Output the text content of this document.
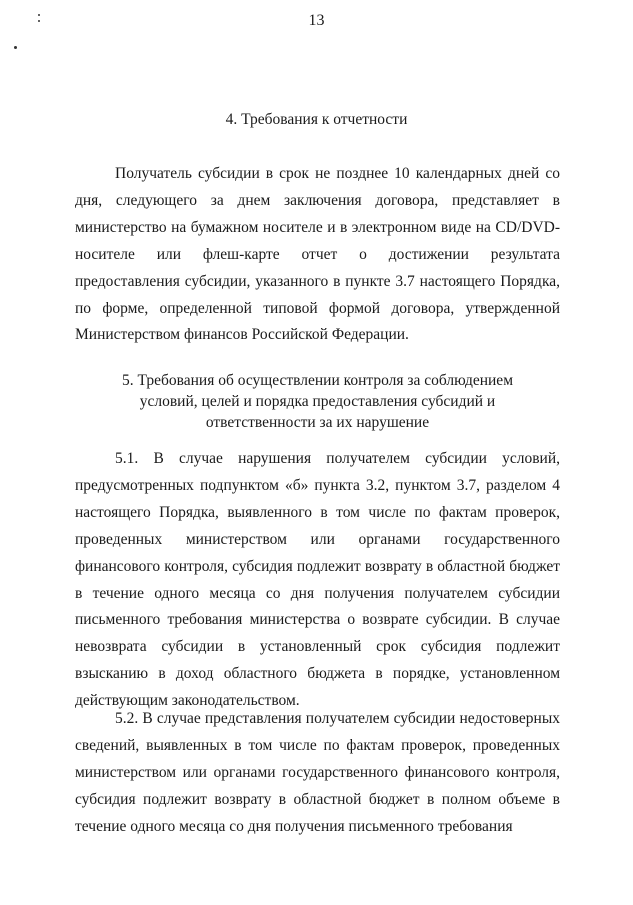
13
4. Требования к отчетности

Получатель субсидии в срок не позднее 10 календарных дней со дня, следующего за днем заключения договора, представляет в министерство на бумажном носителе и в электронном виде на CD/DVD-носителе или флеш-карте отчет о достижении результата предоставления субсидии, указанного в пункте 3.7 настоящего Порядка, по форме, определенной типовой формой договора, утвержденной Министерством финансов Российской Федерации.

5. Требования об осуществлении контроля за соблюдением условий, целей и порядка предоставления субсидий и ответственности за их нарушение

5.1. В случае нарушения получателем субсидии условий, предусмотренных подпунктом «б» пункта 3.2, пунктом 3.7, разделом 4 настоящего Порядка, выявленного в том числе по фактам проверок, проведенных министерством или органами государственного финансового контроля, субсидия подлежит возврату в областной бюджет в течение одного месяца со дня получения получателем субсидии письменного требования министерства о возврате субсидии. В случае невозврата субсидии в установленный срок субсидия подлежит взысканию в доход областного бюджета в порядке, установленном действующим законодательством.

5.2. В случае представления получателем субсидии недостоверных сведений, выявленных в том числе по фактам проверок, проведенных министерством или органами государственного финансового контроля, субсидия подлежит возврату в областной бюджет в полном объеме в течение одного месяца со дня получения письменного требования
